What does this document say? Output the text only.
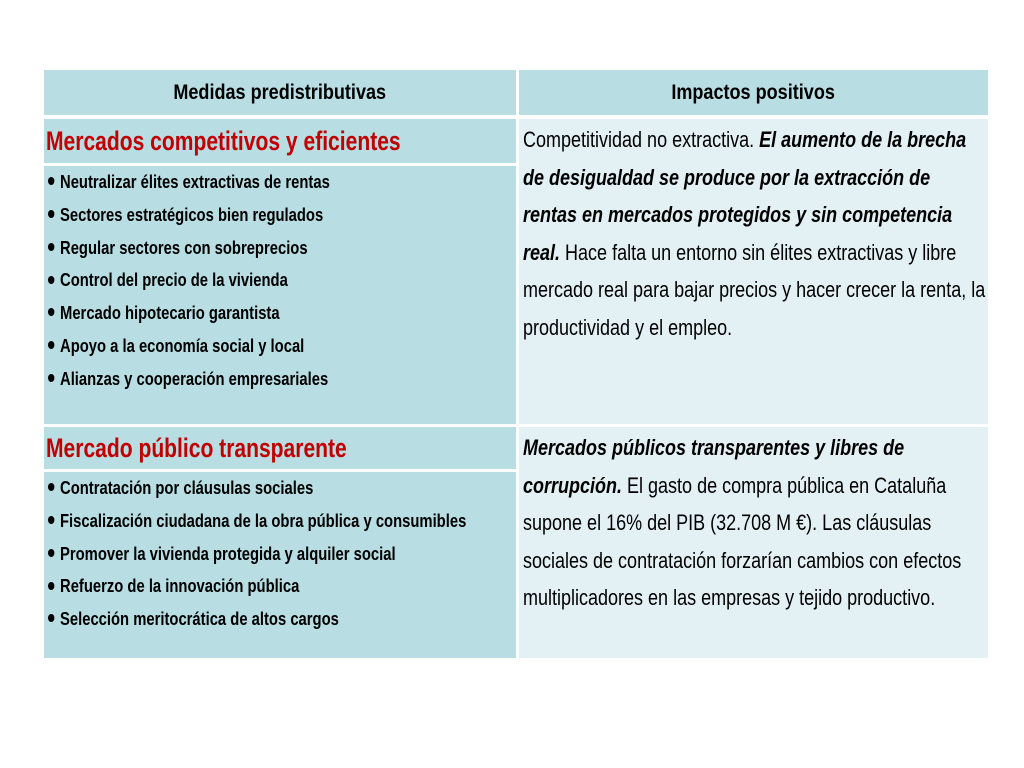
Medidas predistributivas	Impactos positivos
Mercados competitivos y eficientes
Neutralizar élites extractivas de rentas
Sectores estratégicos bien regulados
Regular sectores con sobreprecios
Control del precio de la vivienda
Mercado hipotecario garantista
Apoyo a la economía social y local
Alianzas y cooperación empresariales
Competitividad no extractiva. El aumento de la brecha de desigualdad se produce por la extracción de rentas en mercados protegidos y sin competencia real. Hace falta un entorno sin élites extractivas y libre mercado real para bajar precios y hacer crecer la renta, la productividad y el empleo.
Mercado público transparente
Contratación por cláusulas sociales
Fiscalización ciudadana de la obra pública y consumibles
Promover la vivienda protegida y alquiler social
Refuerzo de la innovación pública
Selección meritocrática de altos cargos
Mercados públicos transparentes y libres de corrupción. El gasto de compra pública en Cataluña supone el 16% del PIB (32.708 M €). Las cláusulas sociales de contratación forzarían cambios con efectos multiplicadores en las empresas y tejido productivo.
